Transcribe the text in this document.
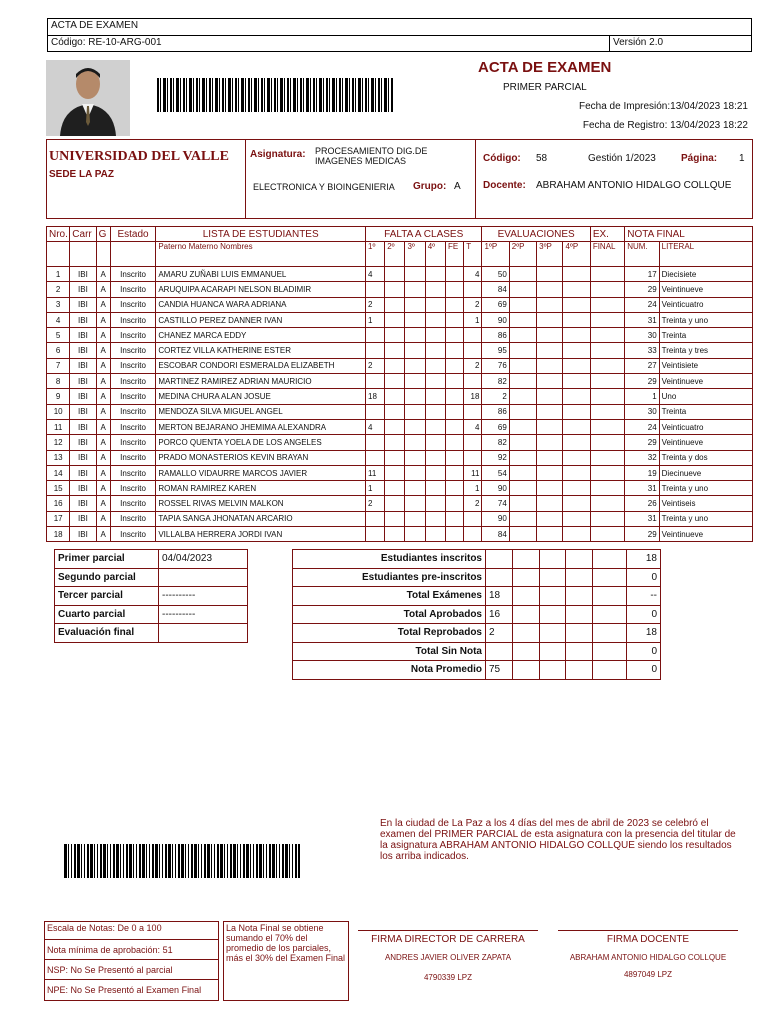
ACTA DE EXAMEN
Código: RE-10-ARG-001	Versión 2.0
ACTA DE EXAMEN
PRIMER PARCIAL
Fecha de Impresión:13/04/2023 18:21
Fecha de Registro: 13/04/2023 18:22
UNIVERSIDAD DEL VALLE
SEDE LA PAZ
Asignatura: PROCESAMIENTO DIG.DE
IMAGENES MEDICAS
ELECTRONICA Y BIOINGENIERIA Grupo: A
Código: 58	Gestión 1/2023	Página: 1
Docente: ABRAHAM ANTONIO HIDALGO COLLQUE
Nro.	Carr	G	Estado	LISTA DE ESTUDIANTES	FALTA A CLASES						EVALUACIONES				EX.	NOTA FINAL	
				Paterno Materno Nombres	1º	2º	3º	4º	FE	T	1ºP	2ºP	3ºP	4ºP	FINAL	NUM.	LITERAL
1	IBI	A	Inscrito	AMARU ZUÑABI LUIS EMMANUEL	4					4	50					17	Diecisiete
2	IBI	A	Inscrito	ARUQUIPA ACARAPI NELSON BLADIMIR							84					29	Veintinueve
3	IBI	A	Inscrito	CANDIA HUANCA WARA ADRIANA	2					2	69					24	Veinticuatro
4	IBI	A	Inscrito	CASTILLO PEREZ DANNER IVAN	1					1	90					31	Treinta y uno
5	IBI	A	Inscrito	CHANEZ MARCA EDDY							86					30	Treinta
6	IBI	A	Inscrito	CORTEZ VILLA KATHERINE ESTER							95					33	Treinta y tres
7	IBI	A	Inscrito	ESCOBAR CONDORI ESMERALDA ELIZABETH	2					2	76					27	Veintisiete
8	IBI	A	Inscrito	MARTINEZ RAMIREZ ADRIAN MAURICIO							82					29	Veintinueve
9	IBI	A	Inscrito	MEDINA CHURA ALAN JOSUE	18					18	2					1	Uno
10	IBI	A	Inscrito	MENDOZA SILVA MIGUEL ANGEL							86					30	Treinta
11	IBI	A	Inscrito	MERTON BEJARANO JHEMIMA ALEXANDRA	4					4	69					24	Veinticuatro
12	IBI	A	Inscrito	PORCO QUENTA YOELA DE LOS ANGELES							82					29	Veintinueve
13	IBI	A	Inscrito	PRADO MONASTERIOS KEVIN BRAYAN							92					32	Treinta y dos
14	IBI	A	Inscrito	RAMALLO VIDAURRE MARCOS JAVIER	11					11	54					19	Diecinueve
15	IBI	A	Inscrito	ROMAN RAMIREZ KAREN	1					1	90					31	Treinta y uno
16	IBI	A	Inscrito	ROSSEL RIVAS MELVIN MALKON	2					2	74					26	Veintiseis
17	IBI	A	Inscrito	TAPIA SANGA JHONATAN ARCARIO							90					31	Treinta y uno
18	IBI	A	Inscrito	VILLALBA HERRERA JORDI IVAN							84					29	Veintinueve
Primer parcial	04/04/2023
Segundo parcial	
Tercer parcial	----------
Cuarto parcial	----------
Evaluación final	
Estudiantes inscritos						18
Estudiantes pre-inscritos						0
Total Exámenes	18					--
Total Aprobados	16					0
Total Reprobados	2					18
Total Sin Nota						0
Nota Promedio	75					0
En la ciudad de La Paz a los 4 días del mes de abril de 2023 se celebró el examen del PRIMER PARCIAL de esta asignatura con la presencia del titular de la asignatura ABRAHAM ANTONIO HIDALGO COLLQUE siendo los resultados los arriba indicados.
Escala de Notas: De 0 a 100
Nota mínima de aprobación: 51
NSP: No Se Presentó al parcial
NPE: No Se Presentó al Examen Final
La Nota Final se obtiene sumando el 70% del promedio de los parciales, más el 30% del Examen Final
FIRMA DIRECTOR DE CARRERA
ANDRES JAVIER OLIVER ZAPATA
4790339 LPZ
FIRMA DOCENTE
ABRAHAM ANTONIO HIDALGO COLLQUE
4897049 LPZ
